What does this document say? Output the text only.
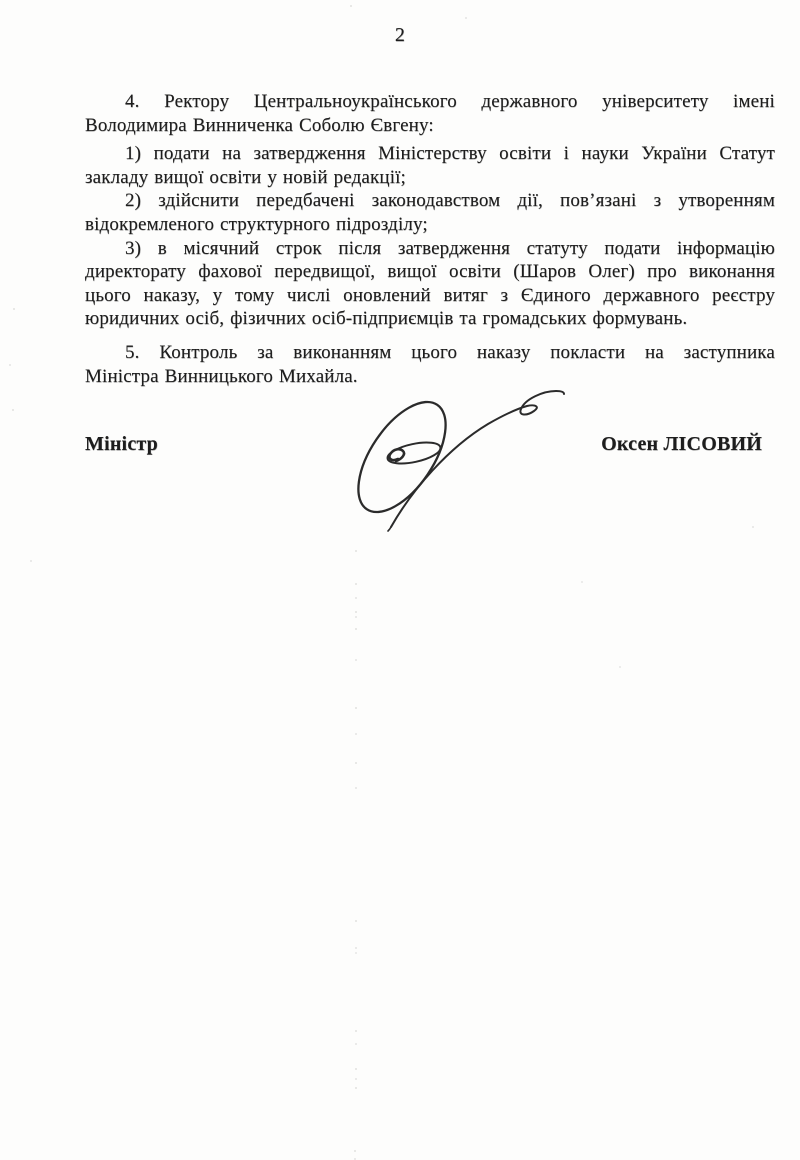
2
4. Ректору Центральноукраїнського державного університету імені
Володимира Винниченка Соболю Євгену:
1) подати на затвердження Міністерству освіти і науки України Статут
закладу вищої освіти у новій редакції;
2) здійснити передбачені законодавством дії, пов’язані з утворенням
відокремленого структурного підрозділу;
3) в місячний строк після затвердження статуту подати інформацію
директорату фахової передвищої, вищої освіти (Шаров Олег) про виконання
цього наказу, у тому числі оновлений витяг з Єдиного державного реєстру
юридичних осіб, фізичних осіб-підприємців та громадських формувань.
5. Контроль за виконанням цього наказу покласти на заступника
Міністра Винницького Михайла.
Міністр	Оксен ЛІСОВИЙ
